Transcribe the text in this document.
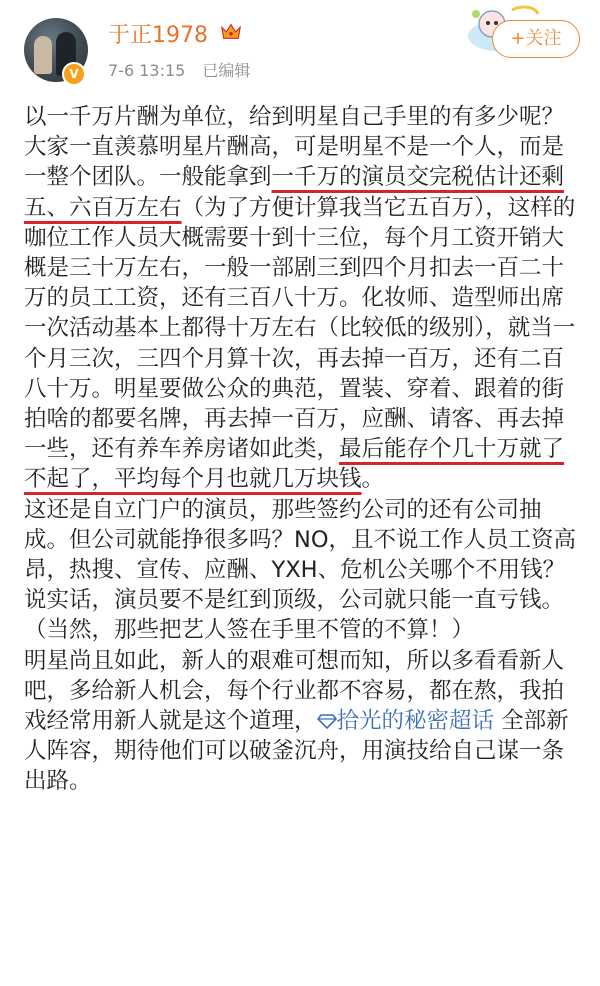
V
于正1978
7-6 13:15 已编辑
+关注

以一千万片酬为单位，给到明星自己手里的有多少呢？

大家一直羡慕明星片酬高，可是明星不是一个人，而是一整个团队。一般能拿到一千万的演员交完税估计还剩五、六百万左右（为了方便计算我当它五百万），这样的咖位工作人员大概需要十到十三位，每个月工资开销大概是三十万左右，一般一部剧三到四个月扣去一百二十万的员工工资，还有三百八十万。化妆师、造型师出席一次活动基本上都得十万左右（比较低的级别），就当一个月三次，三四个月算十次，再去掉一百万，还有二百八十万。明星要做公众的典范，置装、穿着、跟着的街拍啥的都要名牌，再去掉一百万，应酬、请客、再去掉一些，还有养车养房诸如此类，最后能存个几十万就了不起了，平均每个月也就几万块钱。

这还是自立门户的演员，那些签约公司的还有公司抽成。但公司就能挣很多吗？NO，且不说工作人员工资高昂，热搜、宣传、应酬、YXH、危机公关哪个不用钱？说实话，演员要不是红到顶级，公司就只能一直亏钱。（当然，那些把艺人签在手里不管的不算！）

明星尚且如此，新人的艰难可想而知，所以多看看新人吧，多给新人机会，每个行业都不容易，都在熬，我拍戏经常用新人就是这个道理， 拾光的秘密超话 全部新人阵容，期待他们可以破釜沉舟，用演技给自己谋一条出路。
